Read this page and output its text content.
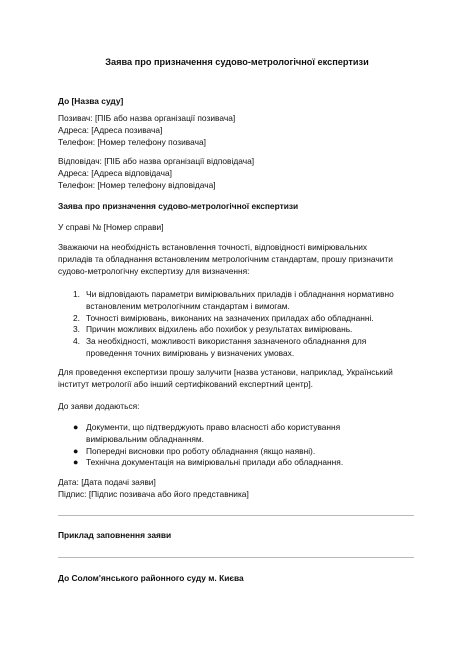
Заява про призначення судово-метрологічної експертизи
До [Назва суду]
Позивач: [ПІБ або назва організації позивача]
Адреса: [Адреса позивача]
Телефон: [Номер телефону позивача]
Відповідач: [ПІБ або назва організації відповідача]
Адреса: [Адреса відповідача]
Телефон: [Номер телефону відповідача]
Заява про призначення судово-метрологічної експертизи
У справі № [Номер справи]
Зважаючи на необхідність встановлення точності, відповідності вимірювальних
приладів та обладнання встановленим метрологічним стандартам, прошу призначити
судово-метрологічну експертизу для визначення:
1. Чи відповідають параметри вимірювальних приладів і обладнання нормативно
встановленим метрологічним стандартам і вимогам.
2. Точності вимірювань, виконаних на зазначених приладах або обладнанні.
3. Причин можливих відхилень або похибок у результатах вимірювань.
4. За необхідності, можливості використання зазначеного обладнання для
проведення точних вимірювань у визначених умовах.
Для проведення експертизи прошу залучити [назва установи, наприклад, Український
інститут метрології або інший сертифікований експертний центр].
До заяви додаються:
● Документи, що підтверджують право власності або користування
вимірювальним обладнанням.
● Попередні висновки про роботу обладнання (якщо наявні).
● Технічна документація на вимірювальні прилади або обладнання.
Дата: [Дата подачі заяви]
Підпис: [Підпис позивача або його представника]
Приклад заповнення заяви
До Солом'янського районного суду м. Києва
